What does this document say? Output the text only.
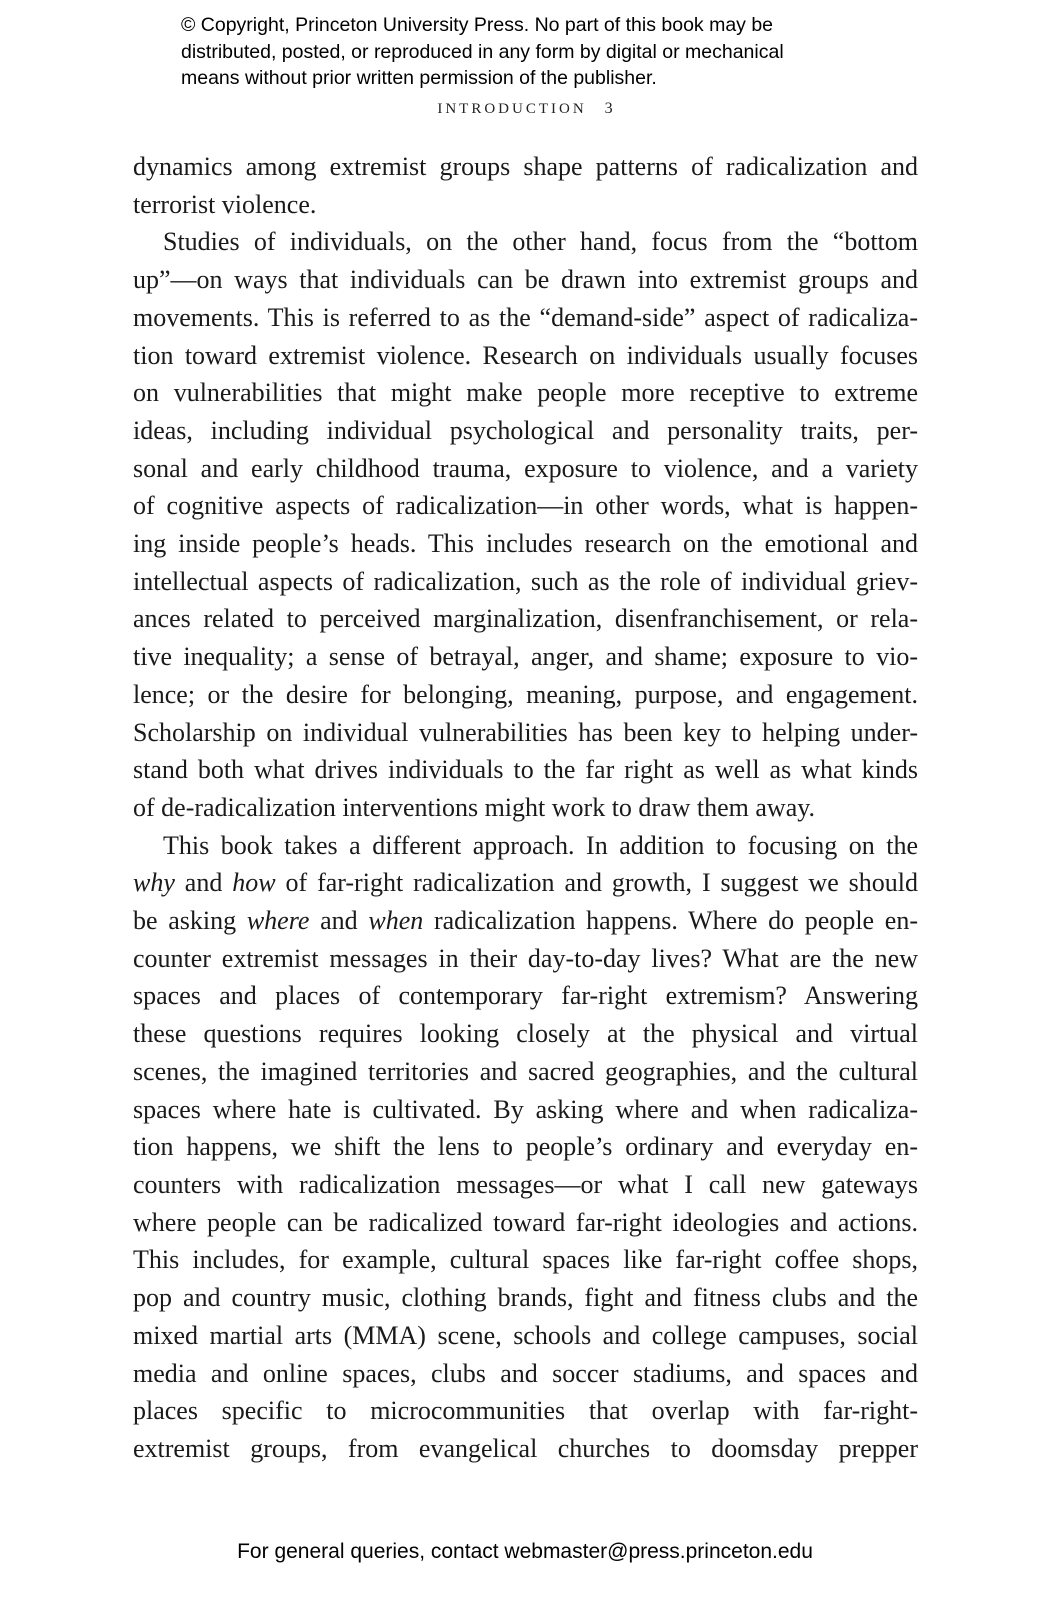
© Copyright, Princeton University Press. No part of this book may be
distributed, posted, or reproduced in any form by digital or mechanical
means without prior written permission of the publisher.
INTRODUCTION 3
dynamics among extremist groups shape patterns of radicalization and
terrorist violence.
Studies of individuals, on the other hand, focus from the “bottom
up”—on ways that individuals can be drawn into extremist groups and
movements. This is referred to as the “demand-side” aspect of radicaliza-
tion toward extremist violence. Research on individuals usually focuses
on vulnerabilities that might make people more receptive to extreme
ideas, including individual psychological and personality traits, per-
sonal and early childhood trauma, exposure to violence, and a variety
of cognitive aspects of radicalization—in other words, what is happen-
ing inside people’s heads. This includes research on the emotional and
intellectual aspects of radicalization, such as the role of individual griev-
ances related to perceived marginalization, disenfranchisement, or rela-
tive inequality; a sense of betrayal, anger, and shame; exposure to vio-
lence; or the desire for belonging, meaning, purpose, and engagement.
Scholarship on individual vulnerabilities has been key to helping under-
stand both what drives individuals to the far right as well as what kinds
of de-radicalization interventions might work to draw them away.
This book takes a different approach. In addition to focusing on the
why and how of far-right radicalization and growth, I suggest we should
be asking where and when radicalization happens. Where do people en-
counter extremist messages in their day-to-day lives? What are the new
spaces and places of contemporary far-right extremism? Answering
these questions requires looking closely at the physical and virtual
scenes, the imagined territories and sacred geographies, and the cultural
spaces where hate is cultivated. By asking where and when radicaliza-
tion happens, we shift the lens to people’s ordinary and everyday en-
counters with radicalization messages—or what I call new gateways
where people can be radicalized toward far-right ideologies and actions.
This includes, for example, cultural spaces like far-right coffee shops,
pop and country music, clothing brands, fight and fitness clubs and the
mixed martial arts (MMA) scene, schools and college campuses, social
media and online spaces, clubs and soccer stadiums, and spaces and
places specific to microcommunities that overlap with far-right-
extremist groups, from evangelical churches to doomsday prepper
For general queries, contact webmaster@press.princeton.edu
